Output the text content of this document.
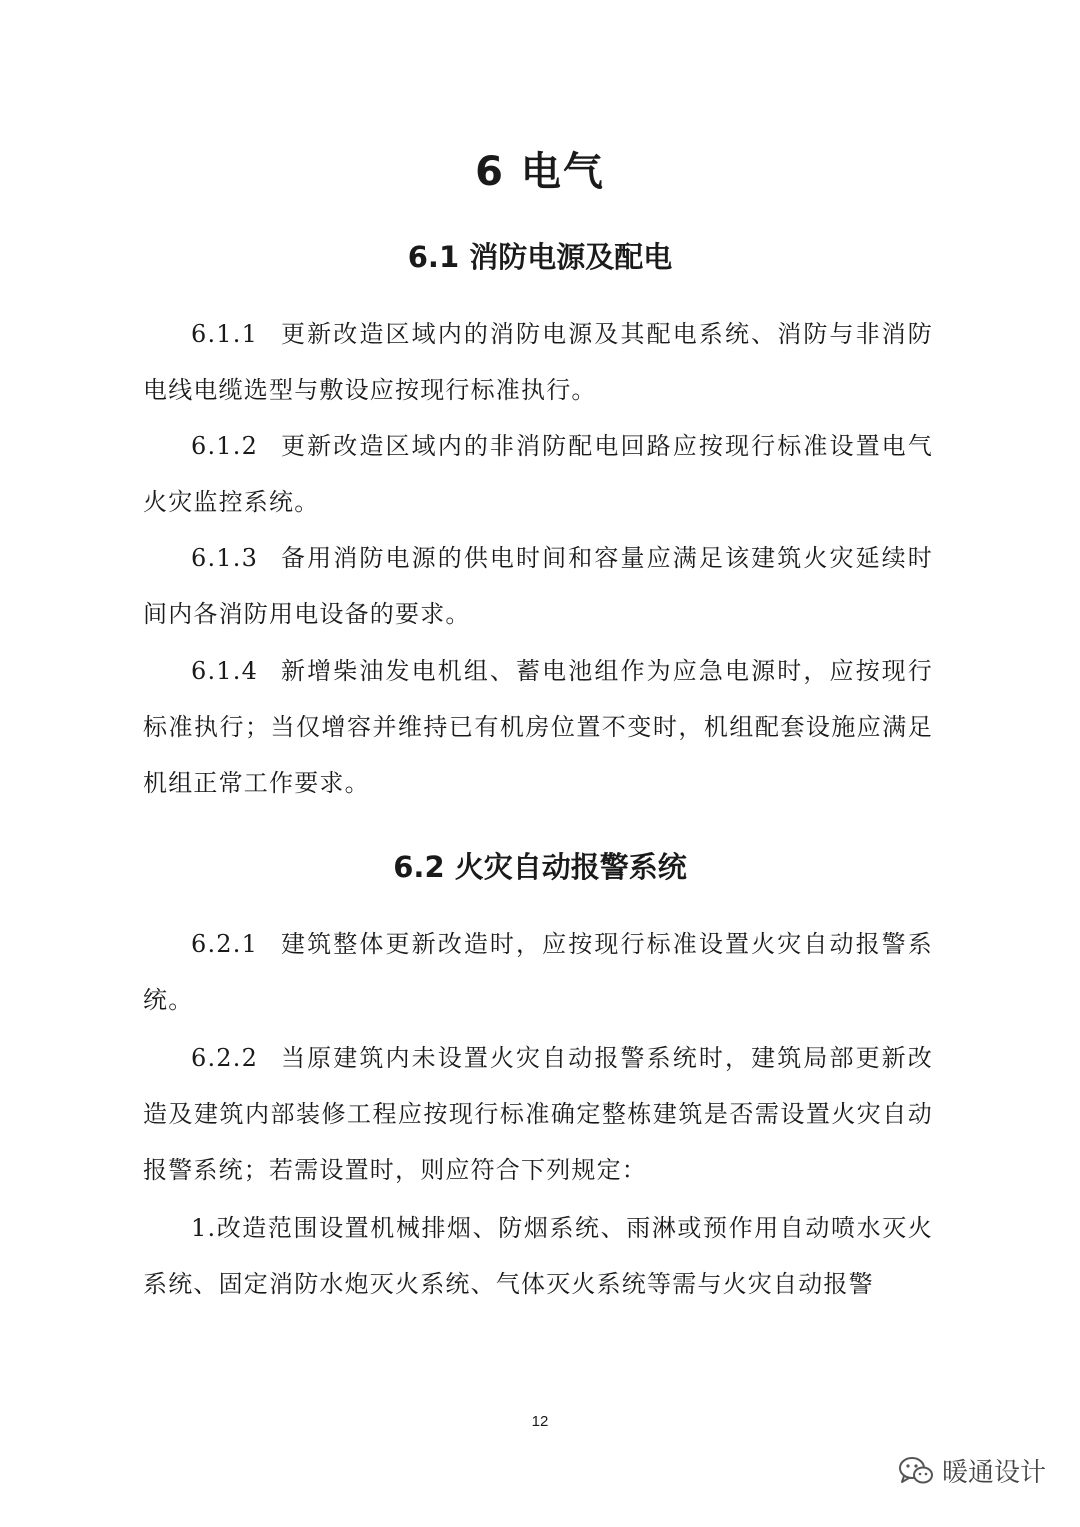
6 电气
6.1 消防电源及配电
6.1.1 更新改造区域内的消防电源及其配电系统、消防与非消防电线电缆选型与敷设应按现行标准执行。
6.1.2 更新改造区域内的非消防配电回路应按现行标准设置电气火灾监控系统。
6.1.3 备用消防电源的供电时间和容量应满足该建筑火灾延续时间内各消防用电设备的要求。
6.1.4 新增柴油发电机组、蓄电池组作为应急电源时，应按现行标准执行；当仅增容并维持已有机房位置不变时，机组配套设施应满足机组正常工作要求。
6.2 火灾自动报警系统
6.2.1 建筑整体更新改造时，应按现行标准设置火灾自动报警系统。
6.2.2 当原建筑内未设置火灾自动报警系统时，建筑局部更新改造及建筑内部装修工程应按现行标准确定整栋建筑是否需设置火灾自动报警系统；若需设置时，则应符合下列规定：
1.改造范围设置机械排烟、防烟系统、雨淋或预作用自动喷水灭火系统、固定消防水炮灭火系统、气体灭火系统等需与火灾自动报警
12
暖通设计
